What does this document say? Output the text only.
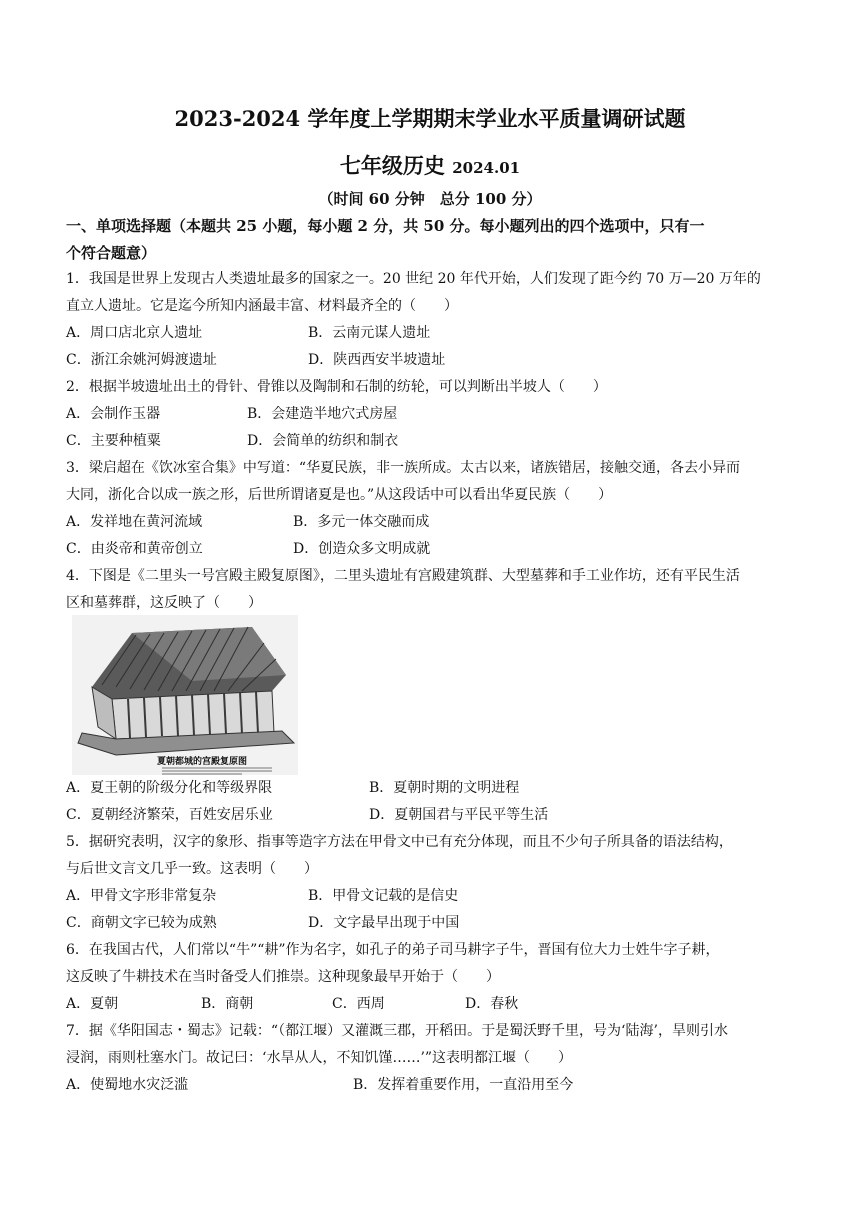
2023-2024 学年度上学期期末学业水平质量调研试题
七年级历史 2024.01
（时间 60 分钟　总分 100 分）
一、单项选择题（本题共 25 小题，每小题 2 分，共 50 分。每小题列出的四个选项中，只有一
个符合题意）
1．我国是世界上发现古人类遗址最多的国家之一。20 世纪 20 年代开始，人们发现了距今约 70 万—20 万年的
直立人遗址。它是迄今所知内涵最丰富、材料最齐全的（　　）
A．周口店北京人遗址	B．云南元谋人遗址
C．浙江余姚河姆渡遗址	D．陕西西安半坡遗址
2．根据半坡遗址出土的骨针、骨锥以及陶制和石制的纺轮，可以判断出半坡人（　　）
A．会制作玉器	B．会建造半地穴式房屋
C．主要种植粟	D．会简单的纺织和制衣
3．梁启超在《饮冰室合集》中写道：“华夏民族，非一族所成。太古以来，诸族错居，接触交通，各去小异而
大同，浙化合以成一族之形，后世所谓诸夏是也。”从这段话中可以看出华夏民族（　　）
A．发祥地在黄河流域	B．多元一体交融而成
C．由炎帝和黄帝创立	D．创造众多文明成就
4．下图是《二里头一号宫殿主殿复原图》，二里头遗址有宫殿建筑群、大型墓葬和手工业作坊，还有平民生活
区和墓葬群，这反映了（　　）
夏朝都城的宫殿复原图
A．夏王朝的阶级分化和等级界限	B．夏朝时期的文明进程
C．夏朝经济繁荣，百姓安居乐业	D．夏朝国君与平民平等生活
5．据研究表明，汉字的象形、指事等造字方法在甲骨文中已有充分体现，而且不少句子所具备的语法结构，
与后世文言文几乎一致。这表明（　　）
A．甲骨文字形非常复杂	B．甲骨文记载的是信史
C．商朝文字已较为成熟	D．文字最早出现于中国
6．在我国古代，人们常以“牛”“耕”作为名字，如孔子的弟子司马耕字子牛，晋国有位大力士姓牛字子耕，
这反映了牛耕技术在当时备受人们推崇。这种现象最早开始于（　　）
A．夏朝	B．商朝	C．西周	D．春秋
7．据《华阳国志・蜀志》记载：“（都江堰）又灌溉三郡，开稻田。于是蜀沃野千里，号为‘陆海’，旱则引水
浸润，雨则杜塞水门。故记曰：‘水旱从人，不知饥馑……’”这表明都江堰（　　）
A．使蜀地水灾泛滥	B．发挥着重要作用，一直沿用至今
